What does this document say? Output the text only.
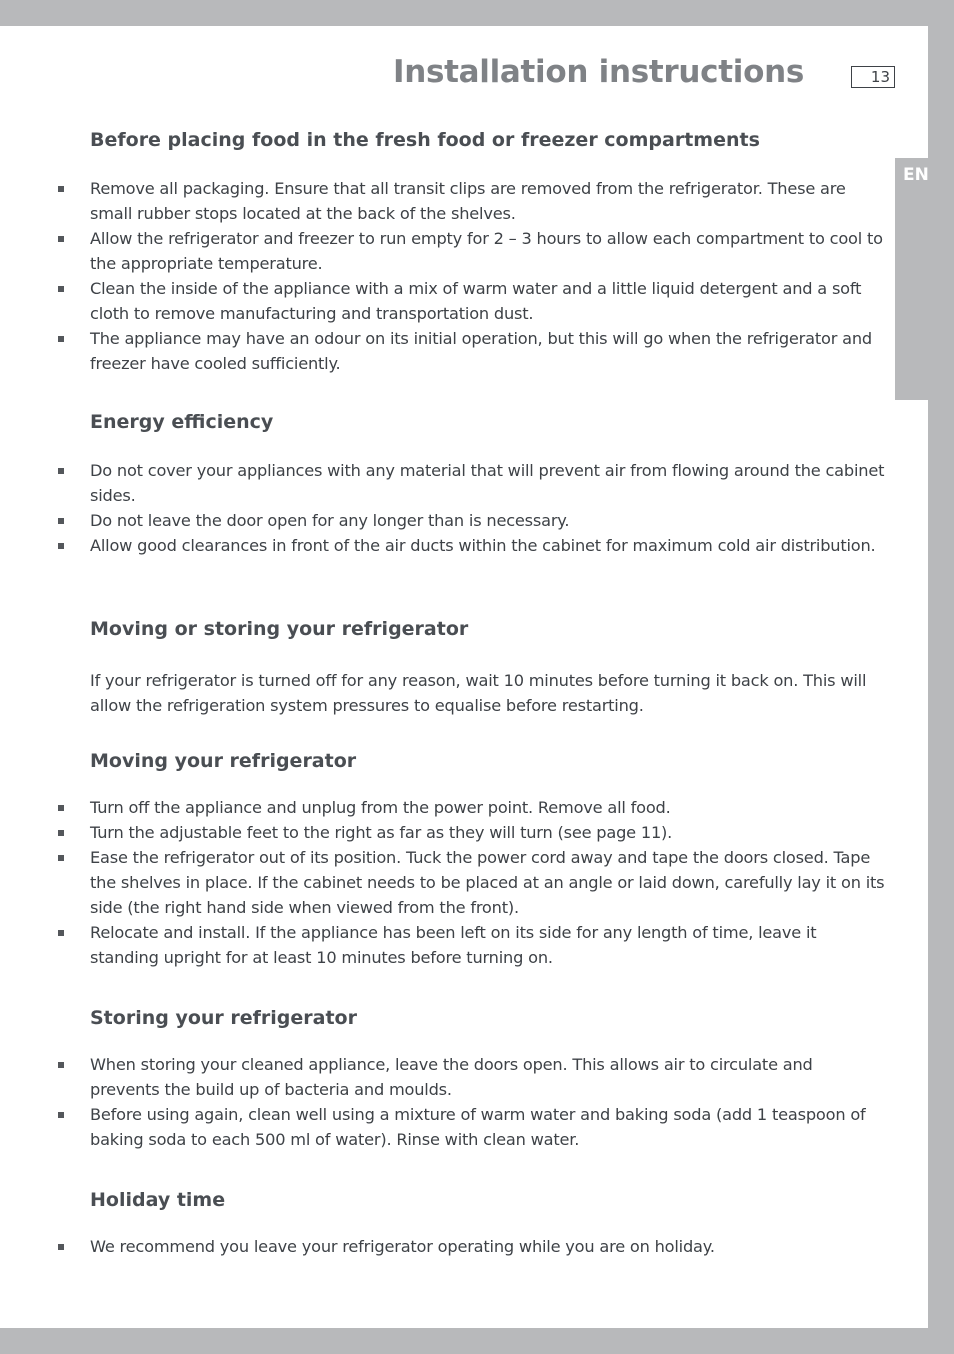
Installation instructions	13
EN
Before placing food in the fresh food or freezer compartments
Remove all packaging. Ensure that all transit clips are removed from the refrigerator. These are small rubber stops located at the back of the shelves.
Allow the refrigerator and freezer to run empty for 2 – 3 hours to allow each compartment to cool to the appropriate temperature.
Clean the inside of the appliance with a mix of warm water and a little liquid detergent and a soft cloth to remove manufacturing and transportation dust.
The appliance may have an odour on its initial operation, but this will go when the refrigerator and freezer have cooled sufficiently.
Energy efficiency
Do not cover your appliances with any material that will prevent air from flowing around the cabinet sides.
Do not leave the door open for any longer than is necessary.
Allow good clearances in front of the air ducts within the cabinet for maximum cold air distribution.
Moving or storing your refrigerator

If your refrigerator is turned off for any reason, wait 10 minutes before turning it back on. This will allow the refrigeration system pressures to equalise before restarting.

Moving your refrigerator
Turn off the appliance and unplug from the power point. Remove all food.
Turn the adjustable feet to the right as far as they will turn (see page 11).
Ease the refrigerator out of its position. Tuck the power cord away and tape the doors closed. Tape the shelves in place. If the cabinet needs to be placed at an angle or laid down, carefully lay it on its side (the right hand side when viewed from the front).
Relocate and install. If the appliance has been left on its side for any length of time, leave it standing upright for at least 10 minutes before turning on.
Storing your refrigerator
When storing your cleaned appliance, leave the doors open. This allows air to circulate and prevents the build up of bacteria and moulds.
Before using again, clean well using a mixture of warm water and baking soda (add 1 teaspoon of baking soda to each 500 ml of water). Rinse with clean water.
Holiday time
We recommend you leave your refrigerator operating while you are on holiday.
